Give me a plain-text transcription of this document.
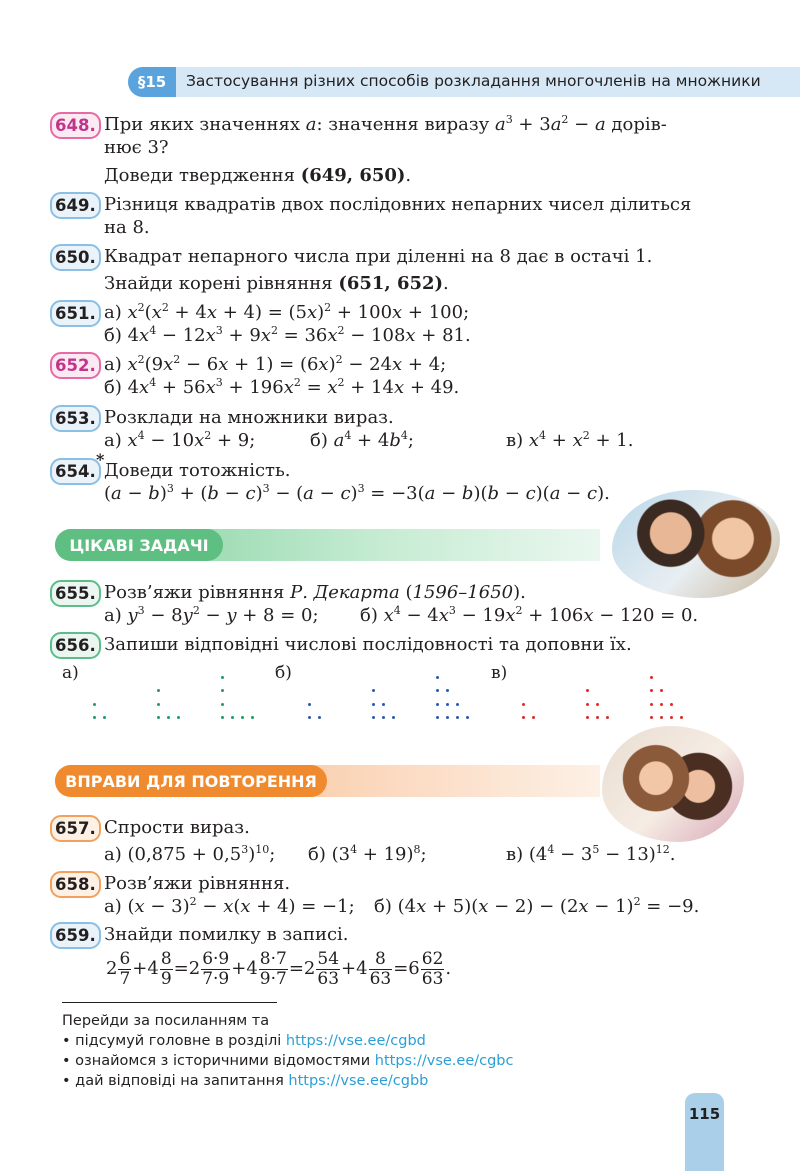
§15	Застосування різних способів розкладання многочленів на множники
648. При яких значеннях а: значення виразу $a^3 + 3a^2 - a$ дорів-
нює 3?
Доведи твердження (649, 650).
649. Різниця квадратів двох послідовних непарних чисел ділиться
на 8.
650. Квадрат непарного числа при діленні на 8 дає в остачі 1.
Знайди корені рівняння (651, 652).
651. а) $x^2(x^2 + 4x + 4) = (5x)^2 + 100x + 100$;
б) $4x^4 - 12x^3 + 9x^2 = 36x^2 - 108x + 81$.
652. а) $x^2(9x^2 - 6x + 1) = (6x)^2 - 24x + 4$;
б) $4x^4 + 56x^3 + 196x^2 = x^2 + 14x + 49$.
653. Розклади на множники вираз.
а) $x^4 - 10x^2 + 9$;	б) $a^4 + 4b^4$;	в) $x^4 + x^2 + 1$.
654.
*
Доведи тотожність.
$(a - b)^3 + (b - c)^3 - (a - c)^3 = -3(a - b)(b - c)(a - c)$.
ЦІКАВІ ЗАДАЧІ
655. Розв’яжи рівняння Р. Декарта (1596–1650).
а) $y^3 - 8y^2 - y + 8 = 0$; б) $x^4 - 4x^3 - 19x^2 + 106x - 120 = 0$.
656. Запиши відповідні числові послідовності та доповни їх.
а)	б)	в)
ВПРАВИ ДЛЯ ПОВТОРЕННЯ
657. Спрости вираз.
а) $(0,875 + 0,5^3)^{10}$; б) $(3^4 + 19)^8$;	в) $(4^4 - 3^5 - 13)^{12}$.
658. Розв’яжи рівняння.
а) $(x - 3)^2 - x(x + 4) = -1$; б) $(4x + 5)(x - 2) - (2x - 1)^2 = -9$.
659. Знайди помилку в записі.
$2 \frac{6}{7} +4 \frac{8}{9} =2 \frac{6\cdot 9}{7\cdot 9} +4 \frac{8\cdot 7}{9\cdot 7} =2 \frac{54}{63} +4 \frac{8}{63} =6 \frac{62}{63}$ .
Перейди за посиланням та
• підсумуй головне в розділі https://vse.ee/cgbd
• ознайомся з історичними відомостями https://vse.ee/cgbc
• дай відповіді на запитання https://vse.ee/cgbb
115
